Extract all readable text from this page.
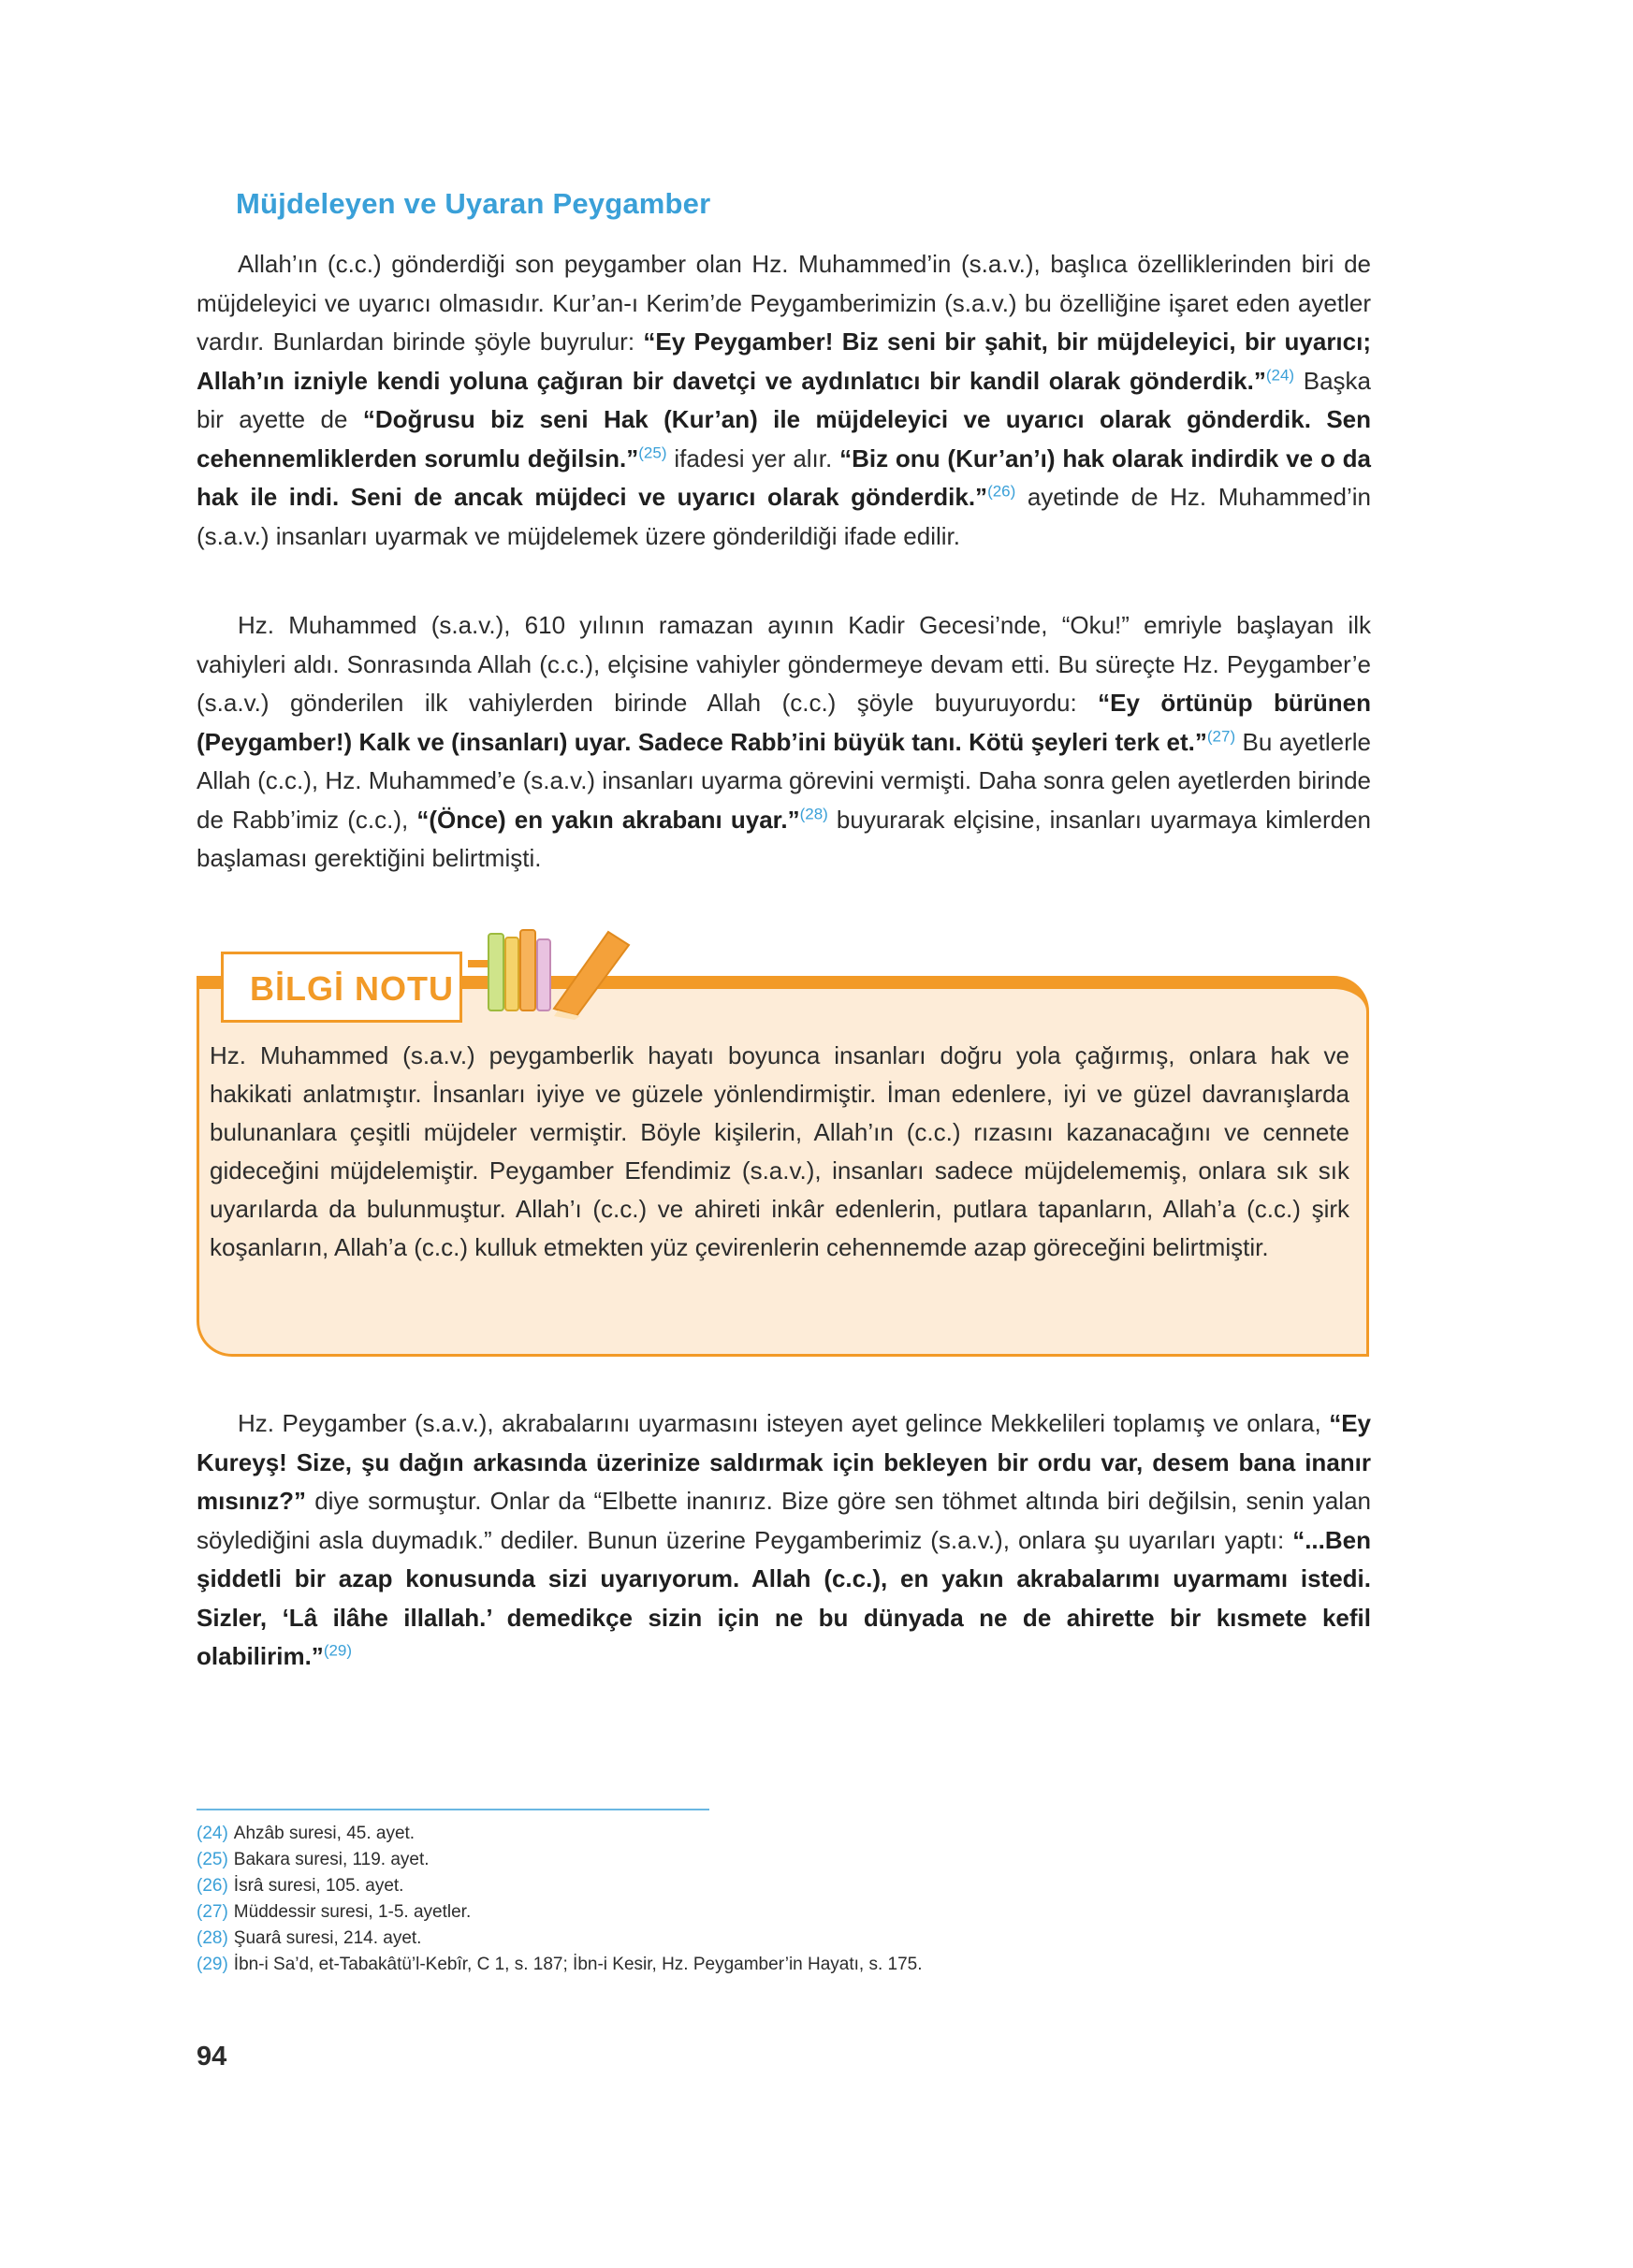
Müjdeleyen ve Uyaran Peygamber

Allah’ın (c.c.) gönderdiği son peygamber olan Hz. Muhammed’in (s.a.v.), başlıca özelliklerinden biri de müjdeleyici ve uyarıcı olmasıdır. Kur’an-ı Kerim’de Peygamberimizin (s.a.v.) bu özelliğine işaret eden ayetler vardır. Bunlardan birinde şöyle buyrulur: “Ey Peygamber! Biz seni bir şahit, bir müjdeleyici, bir uyarıcı; Allah’ın izniyle kendi yoluna çağıran bir davetçi ve aydınlatıcı bir kandil olarak gönderdik.”$^{(24)}$ Başka bir ayette de “Doğrusu biz seni Hak (Kur’an) ile müjdeleyici ve uyarıcı olarak gönderdik. Sen cehennemliklerden sorumlu değilsin.”$^{(25)}$ ifadesi yer alır. “Biz onu (Kur’an’ı) hak olarak indirdik ve o da hak ile indi. Seni de ancak müjdeci ve uyarıcı olarak gönderdik.”$^{(26)}$ ayetinde de Hz. Muhammed’in (s.a.v.) insanları uyarmak ve müjdelemek üzere gönderildiği ifade edilir.

Hz. Muhammed (s.a.v.), 610 yılının ramazan ayının Kadir Gecesi’nde, “Oku!” emriyle başlayan ilk vahiyleri aldı. Sonrasında Allah (c.c.), elçisine vahiyler göndermeye devam etti. Bu süreçte Hz. Peygamber’e (s.a.v.) gönderilen ilk vahiylerden birinde Allah (c.c.) şöyle buyuruyordu: “Ey örtünüp bürünen (Peygamber!) Kalk ve (insanları) uyar. Sadece Rabb’ini büyük tanı. Kötü şeyleri terk et.”$^{(27)}$ Bu ayetlerle Allah (c.c.), Hz. Muhammed’e (s.a.v.) insanları uyarma görevini vermişti. Daha sonra gelen ayetlerden birinde de Rabb’imiz (c.c.), “(Önce) en yakın akrabanı uyar.”$^{(28)}$ buyurarak elçisine, insanları uyarmaya kimlerden başlaması gerektiğini belirtmişti.

BİLGİ NOTU

Hz. Muhammed (s.a.v.) peygamberlik hayatı boyunca insanları doğru yola çağırmış, onlara hak ve hakikati anlatmıştır. İnsanları iyiye ve güzele yönlendirmiştir. İman edenlere, iyi ve güzel davranışlarda bulunanlara çeşitli müjdeler vermiştir. Böyle kişilerin, Allah’ın (c.c.) rızasını kazanacağını ve cennete gideceğini müjdelemiştir. Peygamber Efendimiz (s.a.v.), insanları sadece müjdelememiş, onlara sık sık uyarılarda da bulunmuştur. Allah’ı (c.c.) ve ahireti inkâr edenlerin, putlara tapanların, Allah’a (c.c.) şirk koşanların, Allah’a (c.c.) kulluk etmekten yüz çevirenlerin cehennemde azap göreceğini belirtmiştir.

Hz. Peygamber (s.a.v.), akrabalarını uyarmasını isteyen ayet gelince Mekkelileri toplamış ve onlara, “Ey Kureyş! Size, şu dağın arkasında üzerinize saldırmak için bekleyen bir ordu var, desem bana inanır mısınız?” diye sormuştur. Onlar da “Elbette inanırız. Bize göre sen töhmet altında biri değilsin, senin yalan söylediğini asla duymadık.” dediler. Bunun üzerine Peygamberimiz (s.a.v.), onlara şu uyarıları yaptı: “...Ben şiddetli bir azap konusunda sizi uyarıyorum. Allah (c.c.), en yakın akrabalarımı uyarmamı istedi. Sizler, ‘Lâ ilâhe illallah.’ demedikçe sizin için ne bu dünyada ne de ahirette bir kısmete kefil olabilirim.”$^{(29)}$

(24) Ahzâb suresi, 45. ayet.
(25) Bakara suresi, 119. ayet.
(26) İsrâ suresi, 105. ayet.
(27) Müddessir suresi, 1-5. ayetler.
(28) Şuarâ suresi, 214. ayet.
(29) İbn-i Sa’d, et-Tabakâtü’l-Kebîr, C 1, s. 187; İbn-i Kesir, Hz. Peygamber’in Hayatı, s. 175.
94
